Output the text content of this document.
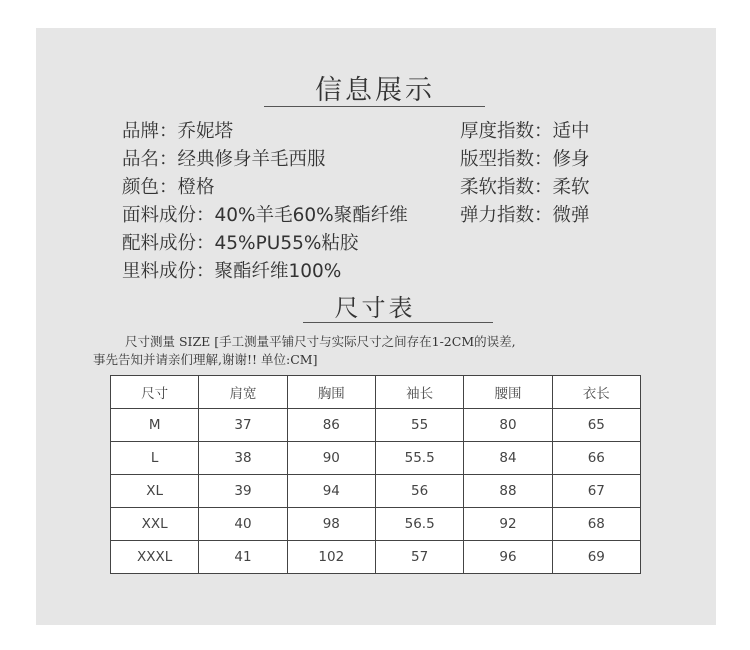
信息展示
品牌：乔妮塔
品名：经典修身羊毛西服
颜色：橙格
面料成份：40%羊毛60%聚酯纤维
配料成份：45%PU55%粘胶
里料成份：聚酯纤维100%
厚度指数：适中
版型指数：修身
柔软指数：柔软
弹力指数：微弹
尺寸表
尺寸测量 SIZE [手工测量平铺尺寸与实际尺寸之间存在1-2CM的误差,
事先告知并请亲们理解,谢谢!! 单位:CM]
尺寸	肩宽	胸围	袖长	腰围	衣长
M	37	86	55	80	65
L	38	90	55.5	84	66
XL	39	94	56	88	67
XXL	40	98	56.5	92	68
XXXL	41	102	57	96	69
